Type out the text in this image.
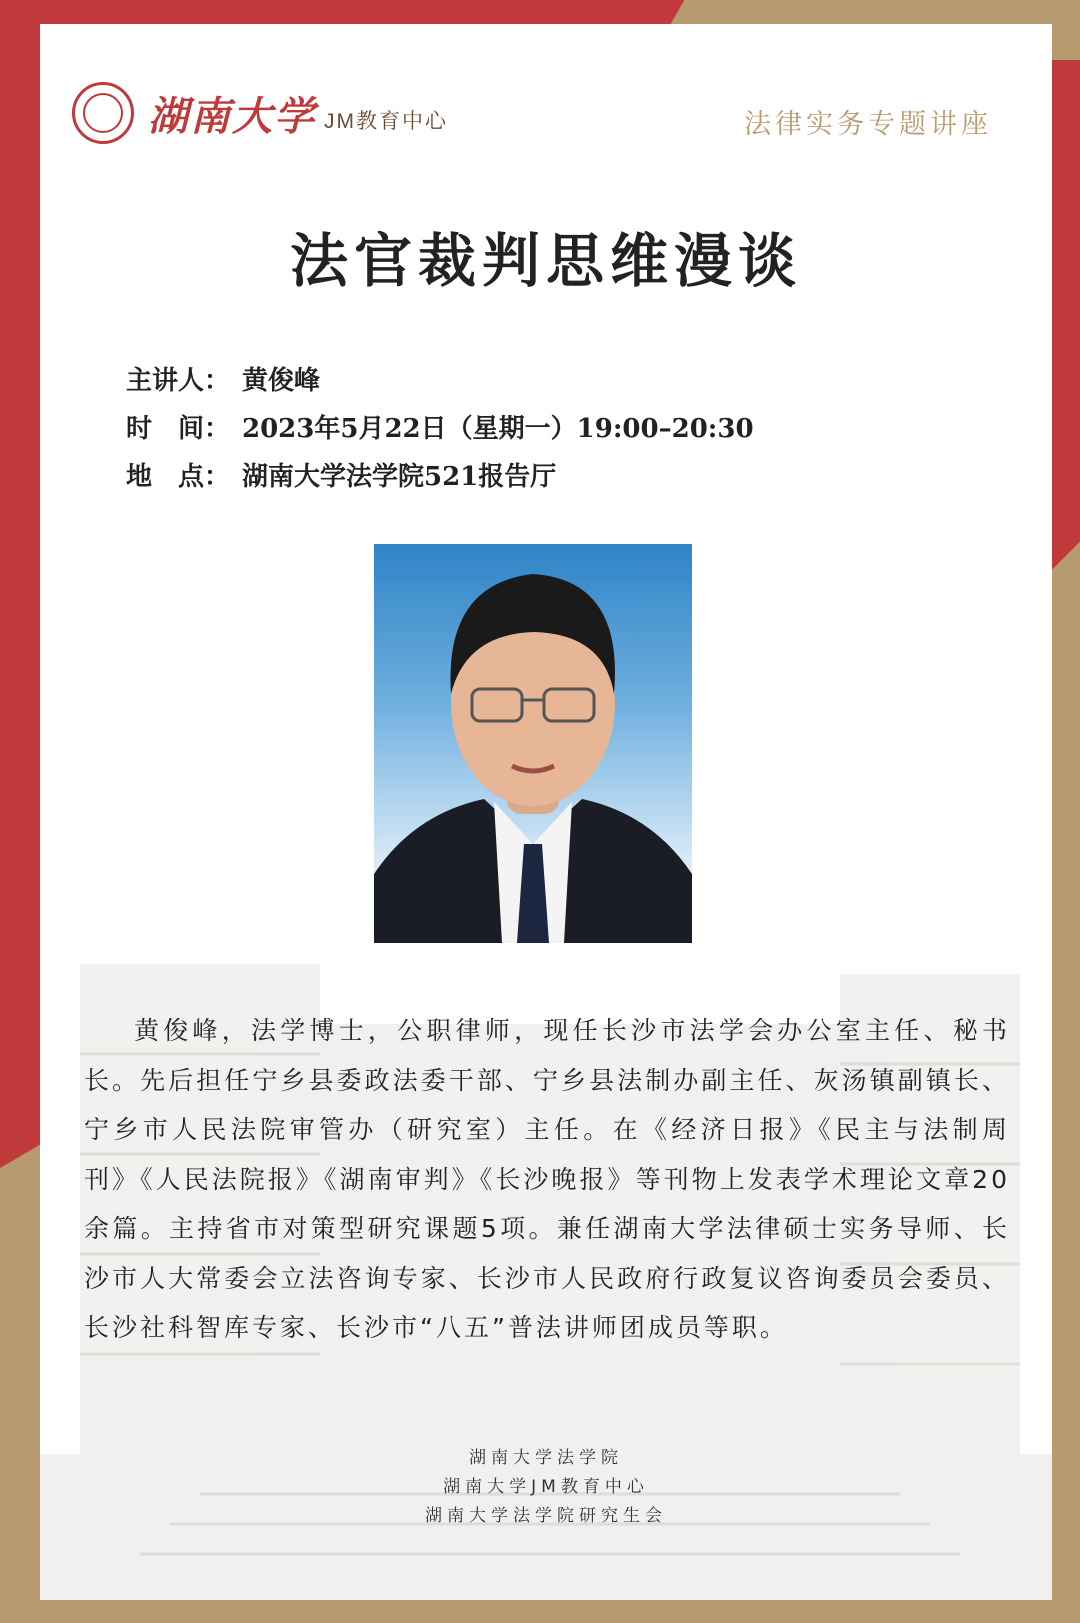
湖南大学 JM教育中心	法律实务专题讲座
法官裁判思维漫谈
主讲人： 黄俊峰
时　间： 2023年5月22日（星期一）19:00–20:30
地　点： 湖南大学法学院521报告厅

黄俊峰，法学博士，公职律师，现任长沙市法学会办公室主任、秘书长。先后担任宁乡县委政法委干部、宁乡县法制办副主任、灰汤镇副镇长、宁乡市人民法院审管办（研究室）主任。在《经济日报》《民主与法制周刊》《人民法院报》《湖南审判》《长沙晚报》等刊物上发表学术理论文章20余篇。主持省市对策型研究课题5项。兼任湖南大学法律硕士实务导师、长沙市人大常委会立法咨询专家、长沙市人民政府行政复议咨询委员会委员、长沙社科智库专家、长沙市“八五”普法讲师团成员等职。

湖南大学法学院
湖南大学JM教育中心
湖南大学法学院研究生会
